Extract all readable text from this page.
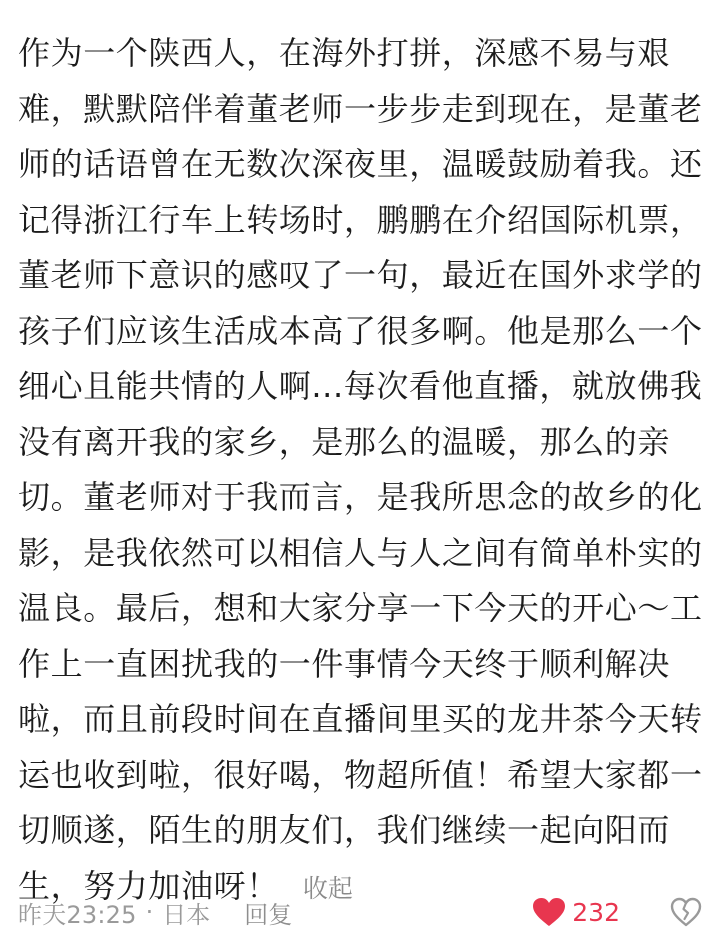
作为一个陕西人，在海外打拼，深感不易与艰
难，默默陪伴着董老师一步步走到现在，是董老
师的话语曾在无数次深夜里，温暖鼓励着我。还
记得浙江行车上转场时，鹏鹏在介绍国际机票，
董老师下意识的感叹了一句，最近在国外求学的
孩子们应该生活成本高了很多啊。他是那么一个
细心且能共情的人啊...每次看他直播，就放佛我
没有离开我的家乡，是那么的温暖，那么的亲
切。董老师对于我而言，是我所思念的故乡的化
影，是我依然可以相信人与人之间有简单朴实的
温良。最后，想和大家分享一下今天的开心～工
作上一直困扰我的一件事情今天终于顺利解决
啦，而且前段时间在直播间里买的龙井茶今天转
运也收到啦，很好喝，物超所值！希望大家都一
切顺遂，陌生的朋友们，我们继续一起向阳而
生，努力加油呀！ 收起
昨天23:25 · 日本 回复	232
